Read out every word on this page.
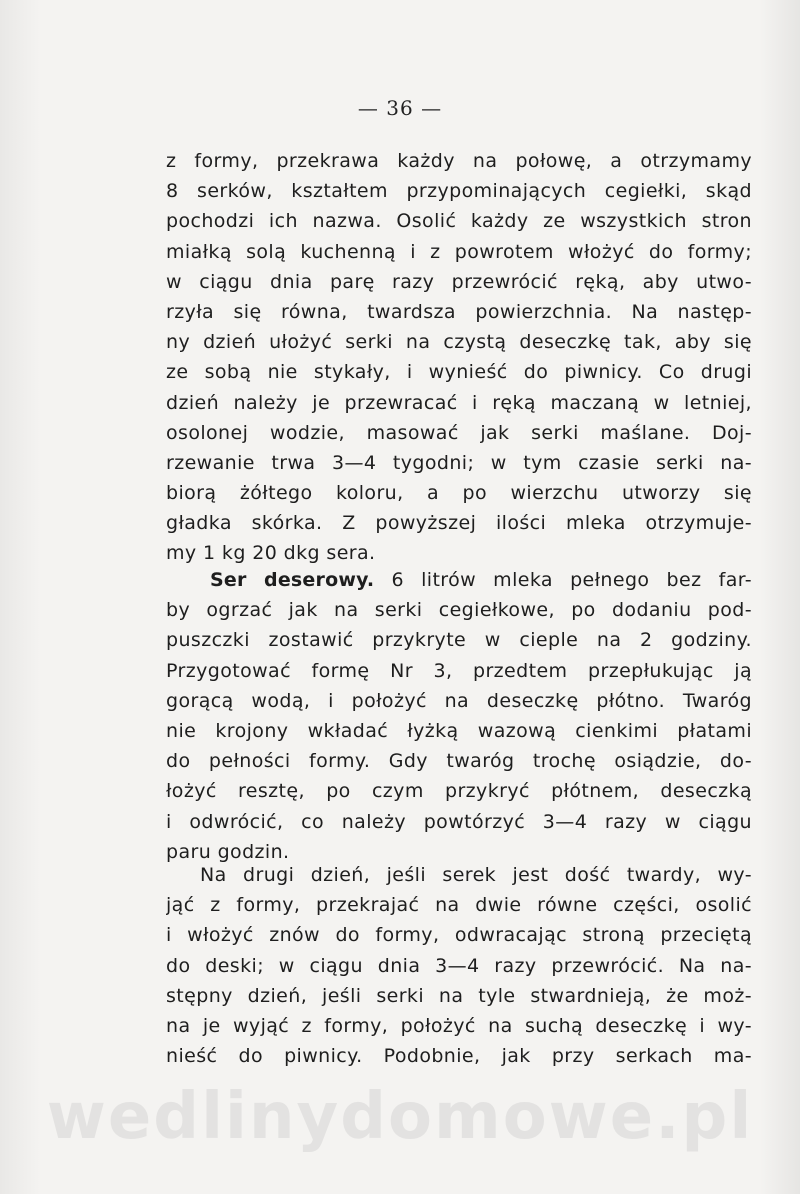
— 36 —
z formy, przekrawa każdy na połowę, a otrzymamy
8 serków, kształtem przypominających cegiełki, skąd
pochodzi ich nazwa. Osolić każdy ze wszystkich stron
miałką solą kuchenną i z powrotem włożyć do formy;
w ciągu dnia parę razy przewrócić ręką, aby utwo-
rzyła się równa, twardsza powierzchnia. Na następ-
ny dzień ułożyć serki na czystą deseczkę tak, aby się
ze sobą nie stykały, i wynieść do piwnicy. Co drugi
dzień należy je przewracać i ręką maczaną w letniej,
osolonej wodzie, masować jak serki maślane. Doj-
rzewanie trwa 3—4 tygodni; w tym czasie serki na-
biorą żółtego koloru, a po wierzchu utworzy się
gładka skórka. Z powyższej ilości mleka otrzymuje-
my 1 kg 20 dkg sera.
Ser deserowy. 6 litrów mleka pełnego bez far-
by ogrzać jak na serki cegiełkowe, po dodaniu pod-
puszczki zostawić przykryte w cieple na 2 godziny.
Przygotować formę Nr 3, przedtem przepłukując ją
gorącą wodą, i położyć na deseczkę płótno. Twaróg
nie krojony wkładać łyżką wazową cienkimi płatami
do pełności formy. Gdy twaróg trochę osiądzie, do-
łożyć resztę, po czym przykryć płótnem, deseczką
i odwrócić, co należy powtórzyć 3—4 razy w ciągu
paru godzin.
Na drugi dzień, jeśli serek jest dość twardy, wy-
jąć z formy, przekrajać na dwie równe części, osolić
i włożyć znów do formy, odwracając stroną przeciętą
do deski; w ciągu dnia 3—4 razy przewrócić. Na na-
stępny dzień, jeśli serki na tyle stwardnieją, że moż-
na je wyjąć z formy, położyć na suchą deseczkę i wy-
nieść do piwnicy. Podobnie, jak przy serkach ma-
wedlinydomowe.pl
